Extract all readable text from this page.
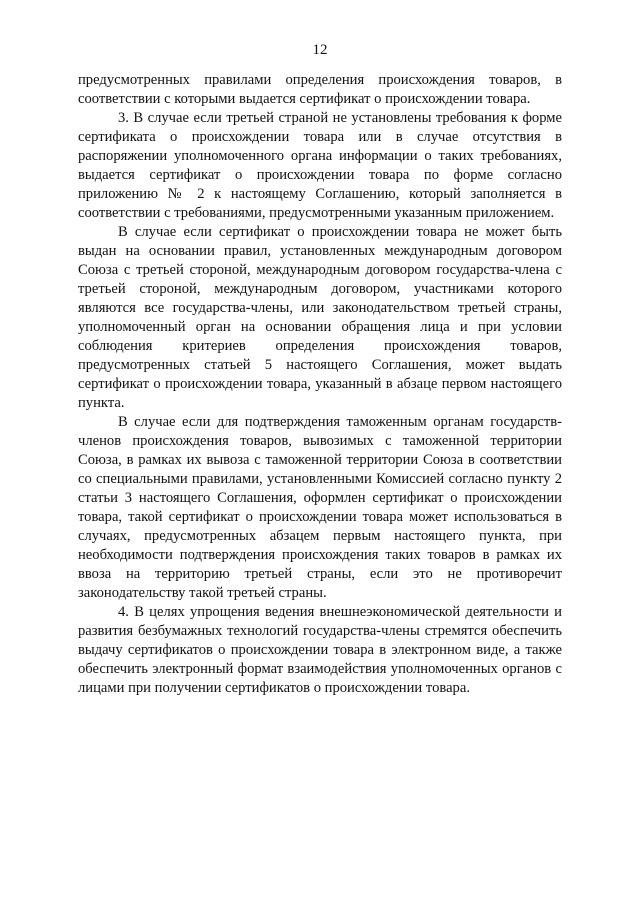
12

предусмотренных правилами определения происхождения товаров, в соответствии с которыми выдается сертификат о происхождении товара.

3. В случае если третьей страной не установлены требования к форме сертификата о происхождении товара или в случае отсутствия в распоряжении уполномоченного органа информации о таких требованиях, выдается сертификат о происхождении товара по форме согласно приложению № 2 к настоящему Соглашению, который заполняется в соответствии с требованиями, предусмотренными указанным приложением.

В случае если сертификат о происхождении товара не может быть выдан на основании правил, установленных международным договором Союза с третьей стороной, международным договором государства-члена с третьей стороной, международным договором, участниками которого являются все государства-члены, или законодательством третьей страны, уполномоченный орган на основании обращения лица и при условии соблюдения критериев определения происхождения товаров, предусмотренных статьей 5 настоящего Соглашения, может выдать сертификат о происхождении товара, указанный в абзаце первом настоящего пункта.

В случае если для подтверждения таможенным органам государств-членов происхождения товаров, вывозимых с таможенной территории Союза, в рамках их вывоза с таможенной территории Союза в соответствии со специальными правилами, установленными Комиссией согласно пункту 2 статьи 3 настоящего Соглашения, оформлен сертификат о происхождении товара, такой сертификат о происхождении товара может использоваться в случаях, предусмотренных абзацем первым настоящего пункта, при необходимости подтверждения происхождения таких товаров в рамках их ввоза на территорию третьей страны, если это не противоречит законодательству такой третьей страны.

4. В целях упрощения ведения внешнеэкономической деятельности и развития безбумажных технологий государства-члены стремятся обеспечить выдачу сертификатов о происхождении товара в электронном виде, а также обеспечить электронный формат взаимодействия уполномоченных органов с лицами при получении сертификатов о происхождении товара.
